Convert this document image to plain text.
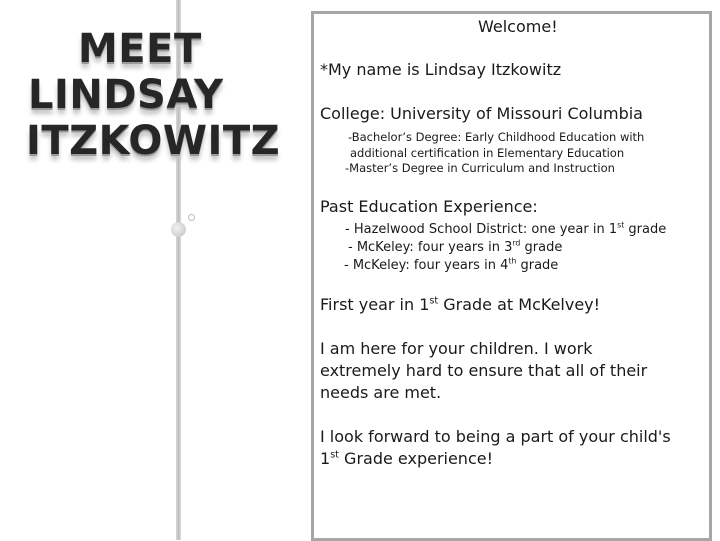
MEET
LINDSAY
ITZKOWITZ

Welcome!

*My name is Lindsay Itzkowitz

College: University of Missouri Columbia

-Bachelor’s Degree: Early Childhood Education with

additional certification in Elementary Education

-Master’s Degree in Curriculum and Instruction

Past Education Experience:

- Hazelwood School District: one year in 1st grade

- McKeley: four years in 3rd grade

- McKeley: four years in 4th grade

First year in 1st Grade at McKelvey!

I am here for your children. I work

extremely hard to ensure that all of their

needs are met.

I look forward to being a part of your child's

1st Grade experience!
